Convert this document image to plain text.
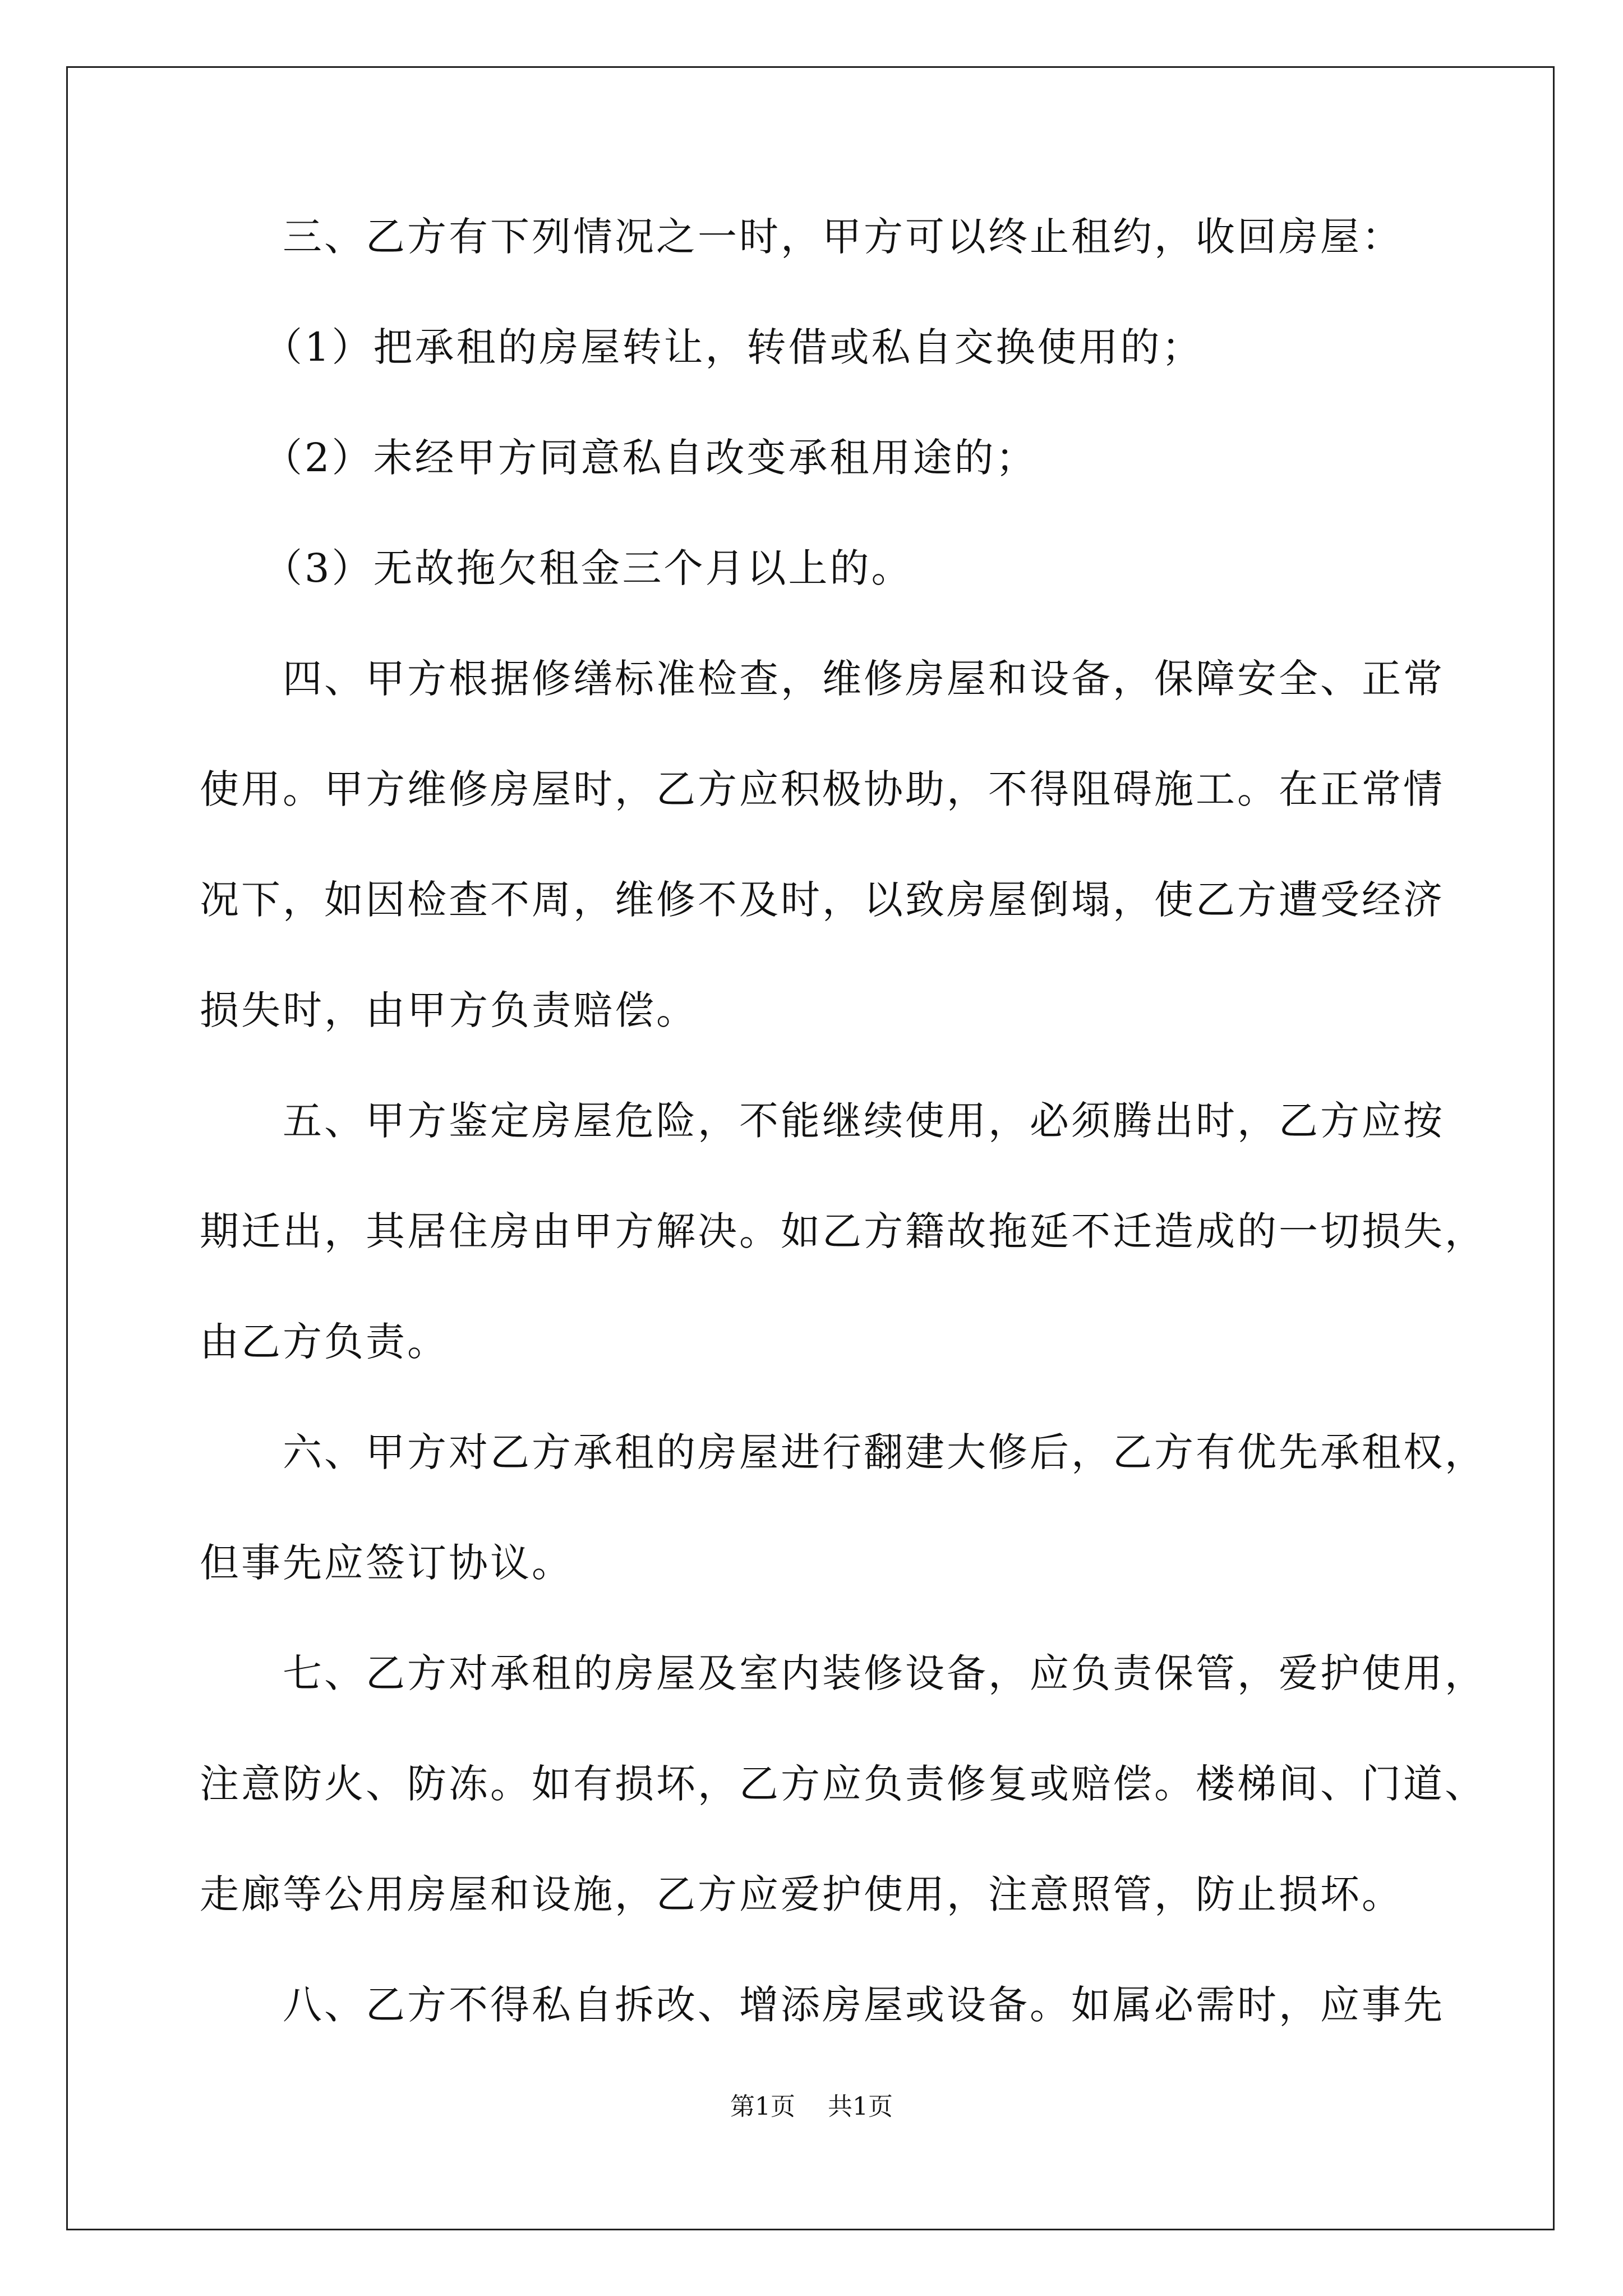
　　三、乙方有下列情况之一时，甲方可以终止租约，收回房屋：
　　（1）把承租的房屋转让，转借或私自交换使用的；
　　（2）未经甲方同意私自改变承租用途的；
　　（3）无故拖欠租金三个月以上的。
　　四、甲方根据修缮标准检查，维修房屋和设备，保障安全、正常
使用。甲方维修房屋时，乙方应积极协助，不得阻碍施工。在正常情
况下，如因检查不周，维修不及时，以致房屋倒塌，使乙方遭受经济
损失时，由甲方负责赔偿。
　　五、甲方鉴定房屋危险，不能继续使用，必须腾出时，乙方应按
期迁出，其居住房由甲方解决。如乙方籍故拖延不迁造成的一切损失，
由乙方负责。
　　六、甲方对乙方承租的房屋进行翻建大修后，乙方有优先承租权，
但事先应签订协议。
　　七、乙方对承租的房屋及室内装修设备，应负责保管，爱护使用，
注意防火、防冻。如有损坏，乙方应负责修复或赔偿。楼梯间、门道、
走廊等公用房屋和设施，乙方应爱护使用，注意照管，防止损坏。
　　八、乙方不得私自拆改、增添房屋或设备。如属必需时，应事先
第1页　 共1页
